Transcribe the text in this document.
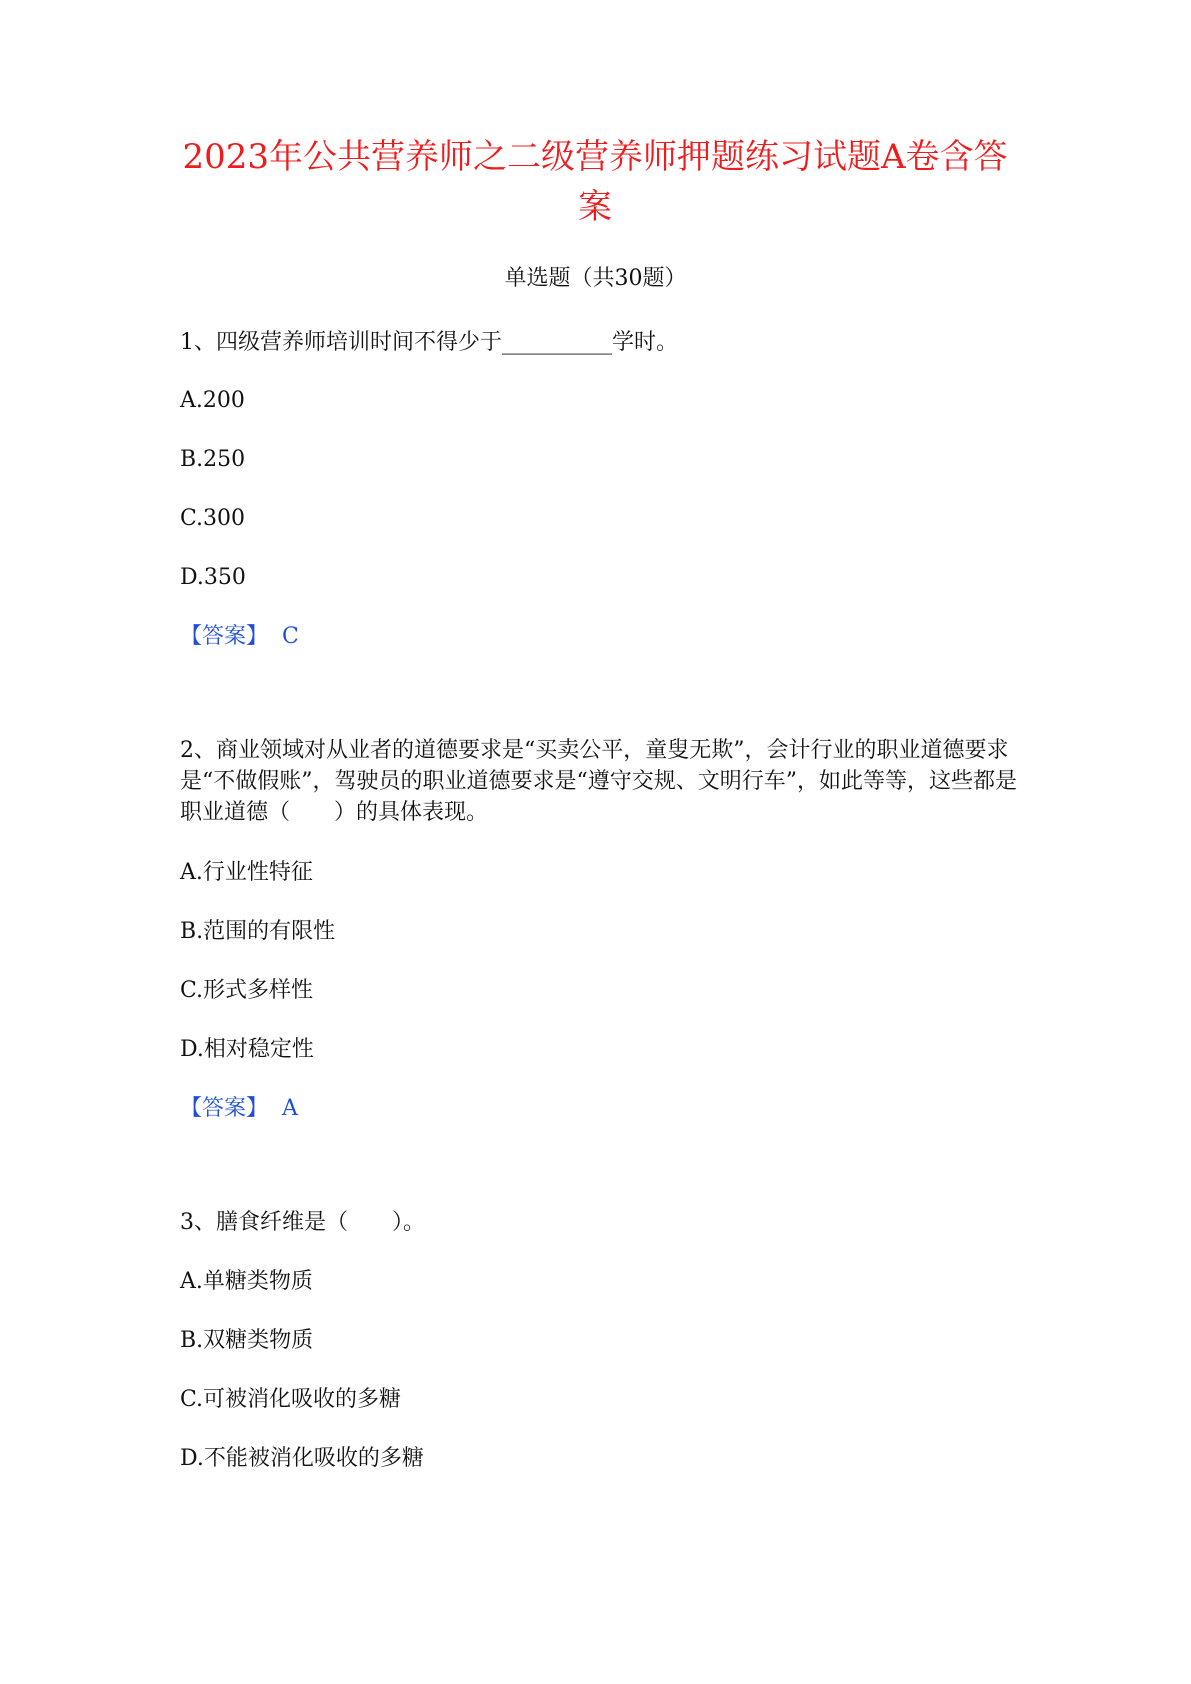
2023年公共营养师之二级营养师押题练习试题A卷含答案
单选题（共30题）
1、四级营养师培训时间不得少于__________学时。
A.200
B.250
C.300
D.350
【答案】 C
2、商业领域对从业者的道德要求是“买卖公平，童叟无欺”，会计行业的职业道德要求是“不做假账”，驾驶员的职业道德要求是“遵守交规、文明行车”，如此等等，这些都是职业道德（　　）的具体表现。
A.行业性特征
B.范围的有限性
C.形式多样性
D.相对稳定性
【答案】 A
3、膳食纤维是（　　）。
A.单糖类物质
B.双糖类物质
C.可被消化吸收的多糖
D.不能被消化吸收的多糖
